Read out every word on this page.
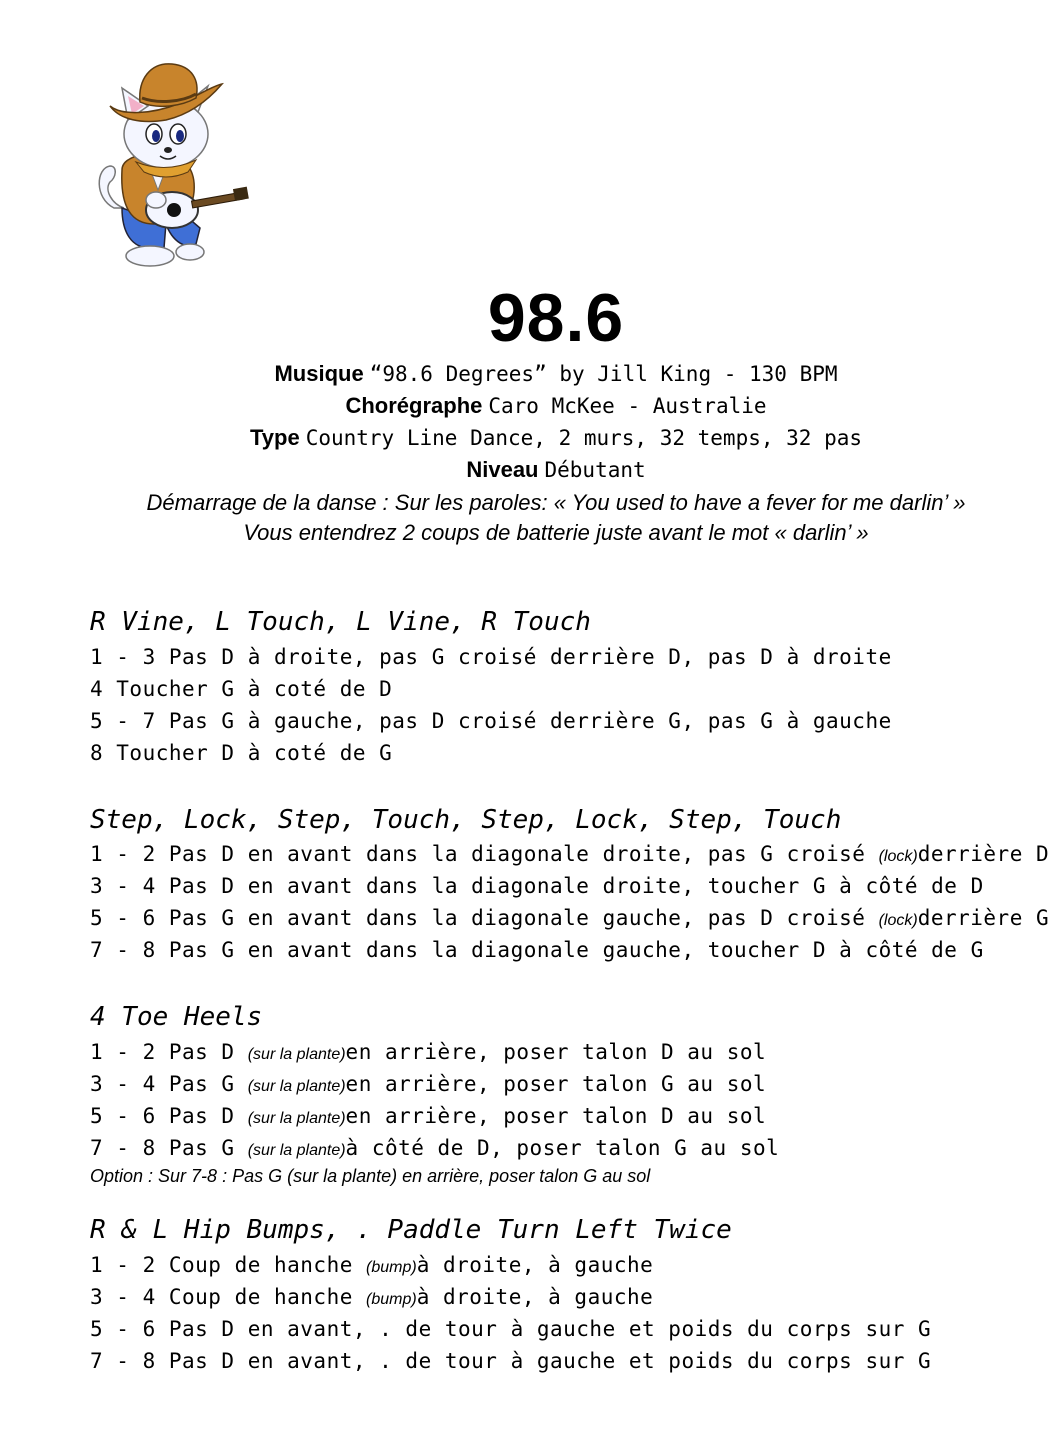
98.6
Musique “98.6 Degrees” by Jill King - 130 BPM
Chorégraphe Caro McKee - Australie
Type Country Line Dance, 2 murs, 32 temps, 32 pas
Niveau Débutant
Démarrage de la danse : Sur les paroles: « You used to have a fever for me darlin’ »
Vous entendrez 2 coups de batterie juste avant le mot « darlin’ »
R Vine, L Touch, L Vine, R Touch
1 - 3 Pas D à droite, pas G croisé derrière D, pas D à droite
4 Toucher G à coté de D
5 - 7 Pas G à gauche, pas D croisé derrière G, pas G à gauche
8 Toucher D à coté de G
Step, Lock, Step, Touch, Step, Lock, Step, Touch
1 - 2 Pas D en avant dans la diagonale droite, pas G croisé (lock)derrière D
3 - 4 Pas D en avant dans la diagonale droite, toucher G à côté de D
5 - 6 Pas G en avant dans la diagonale gauche, pas D croisé (lock)derrière G
7 - 8 Pas G en avant dans la diagonale gauche, toucher D à côté de G
4 Toe Heels
1 - 2 Pas D (sur la plante)en arrière, poser talon D au sol
3 - 4 Pas G (sur la plante)en arrière, poser talon G au sol
5 - 6 Pas D (sur la plante)en arrière, poser talon D au sol
7 - 8 Pas G (sur la plante)à côté de D, poser talon G au sol
Option : Sur 7-8 : Pas G (sur la plante) en arrière, poser talon G au sol
R & L Hip Bumps, . Paddle Turn Left Twice
1 - 2 Coup de hanche (bump)à droite, à gauche
3 - 4 Coup de hanche (bump)à droite, à gauche
5 - 6 Pas D en avant, . de tour à gauche et poids du corps sur G
7 - 8 Pas D en avant, . de tour à gauche et poids du corps sur G
